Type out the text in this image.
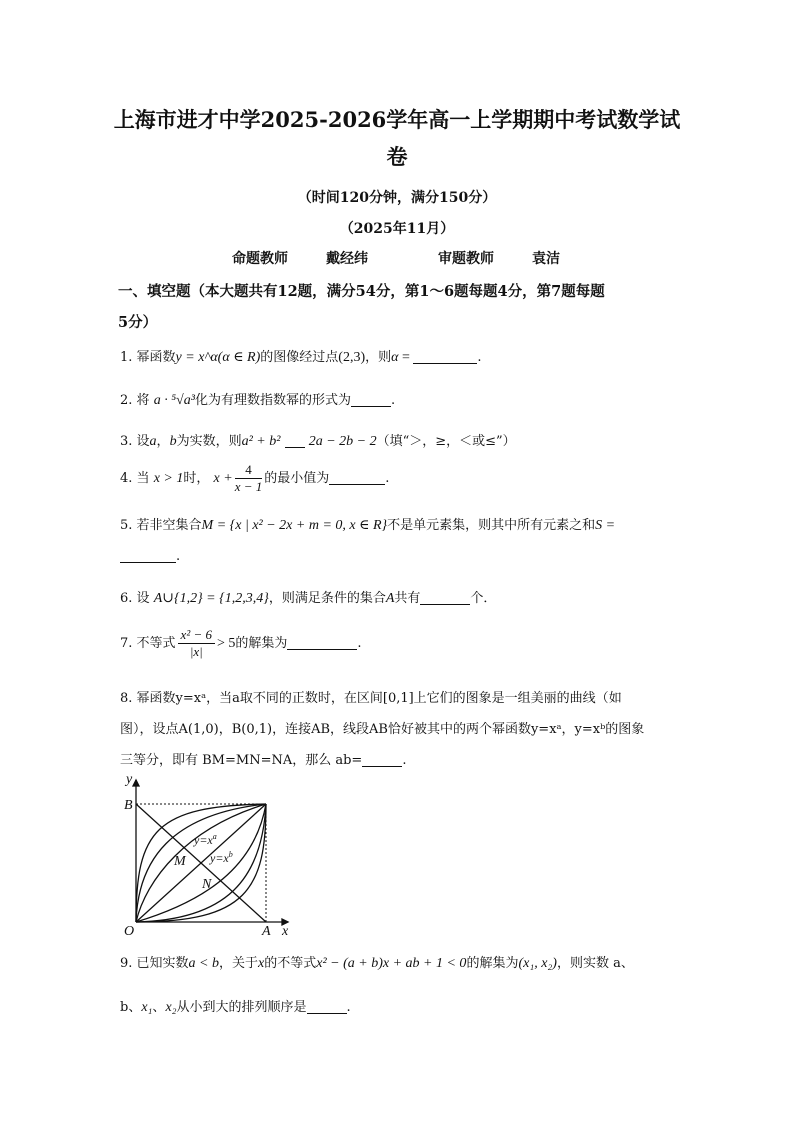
上海市进才中学2025-2026学年高一上学期期中考试数学试
卷
（时间120分钟，满分150分）
（2025年11月）
命题教师	戴经纬	审题教师	袁洁
一、填空题（本大题共有12题，满分54分，第1～6题每题4分，第7题每题
5分）
1. 幂函数y = x^α(α ∈ R)的图像经过点(2,3)，则α =	.
2. 将 a · ⁵√a³化为有理数指数幂的形式为	.
3. 设a，b为实数，则a² + b² 2a − 2b − 2（填“＞，≥，＜或≤”）
4. 当 x > 1时， $x + \frac{4}{x - 1}$ 的最小值为	.
5. 若非空集合M = {x | x² − 2x + m = 0, x ∈ R}不是单元素集，则其中所有元素之和S =
.
6. 设 A∪{1,2} = {1,2,3,4}，则满足条件的集合A共有	个．
7. 不等式 $\frac{\text{x² − 6}}{|x|} > 5$的解集为	.
8. 幂函数y=xᵃ，当a取不同的正数时，在区间[0,1]上它们的图象是一组美丽的曲线（如
图），设点A(1,0)，B(0,1)，连接AB，线段AB恰好被其中的两个幂函数y=xᵃ，y=xᵇ的图象
三等分，即有 BM=MN=NA，那么 ab=	.
y
x
B
O	A
M
N
$y=x^a$
$y=x^b$
9. 已知实数a < b，关于x的不等式x² − (a + b)x + ab + 1 < 0的解集为(x₁, x₂)，则实数 a、
b、x₁、x₂从小到大的排列顺序是	.
